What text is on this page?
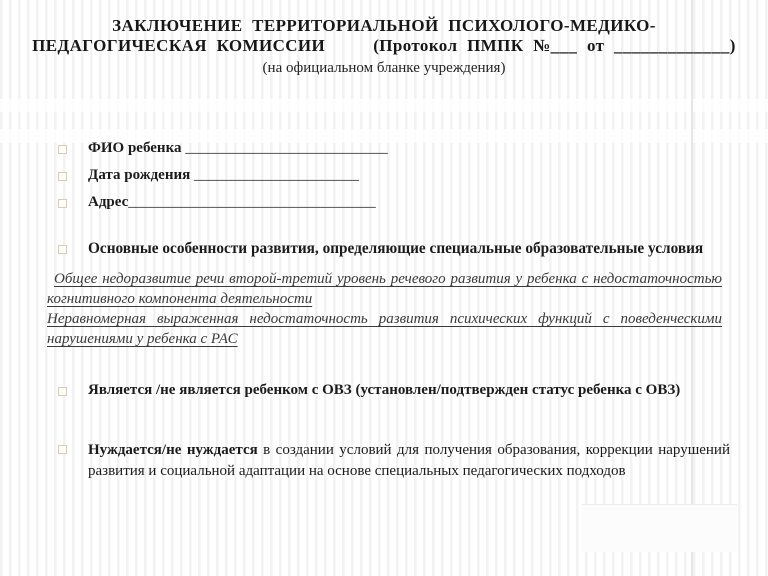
ЗАКЛЮЧЕНИЕ ТЕРРИТОРИАЛЬНОЙ ПСИХОЛОГО-МЕДИКО-
ПЕДАГОГИЧЕСКАЯ КОМИССИИ	(Протокол ПМПК №___ от _____________)
(на официальном бланке учреждения)
ФИО ребенка ___________________________
Дата рождения ______________________
Адрес_________________________________
Основные особенности развития, определяющие специальные образовательные условия
Общее недоразвитие речи второй-третий уровень речевого развития у ребенка с недостаточностью когнитивного компонента деятельности
Неравномерная выраженная недостаточность развития психических функций с поведенческими нарушениями у ребенка с РАС
Является /не является ребенком с ОВЗ (установлен/подтвержден статус ребенка с ОВЗ)
Нуждается/не нуждается в создании условий для получения образования, коррекции нарушений развития и социальной адаптации на основе специальных педагогических подходов
